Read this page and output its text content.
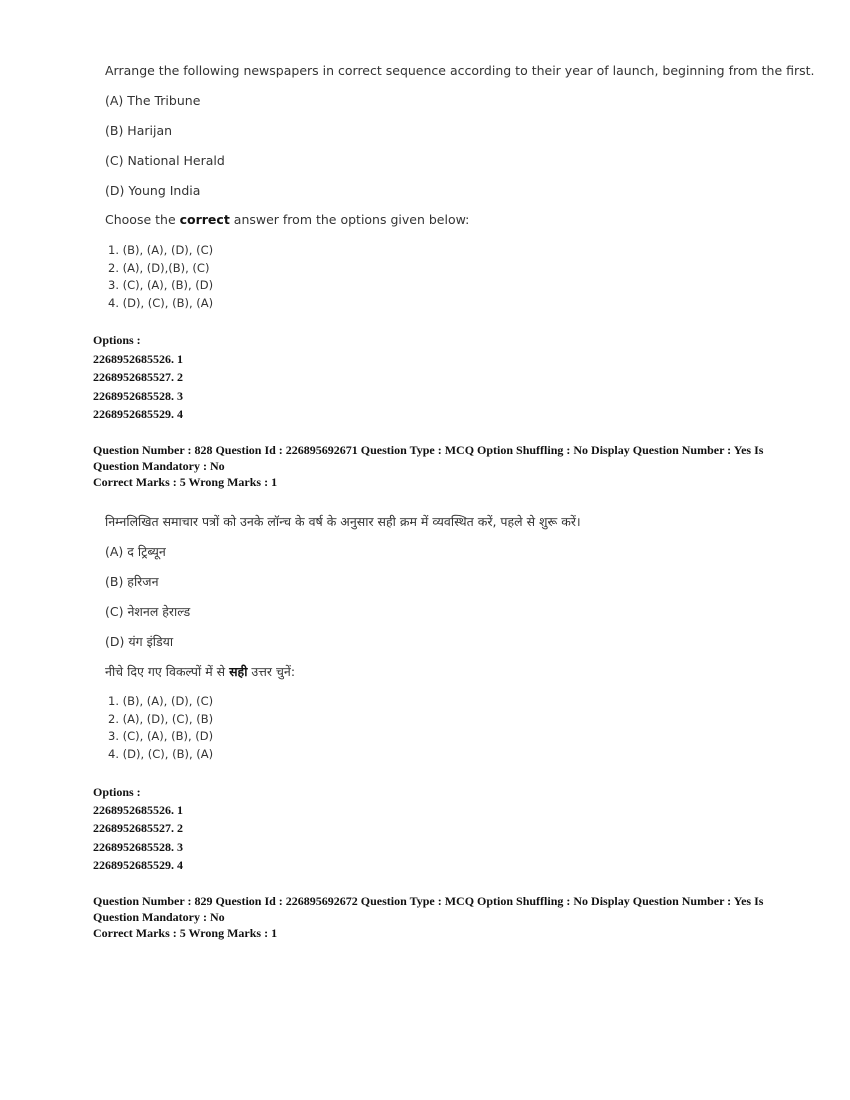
Arrange the following newspapers in correct sequence according to their year of launch, beginning from the first.
(A) The Tribune
(B) Harijan
(C) National Herald
(D) Young India
Choose the correct answer from the options given below:
1. (B), (A), (D), (C)
2. (A), (D),(B), (C)
3. (C), (A), (B), (D)
4. (D), (C), (B), (A)
Options :
2268952685526. 1
2268952685527. 2
2268952685528. 3
2268952685529. 4
Question Number : 828 Question Id : 226895692671 Question Type : MCQ Option Shuffling : No Display Question Number : Yes Is
Question Mandatory : No
Correct Marks : 5 Wrong Marks : 1
निम्नलिखित समाचार पत्रों को उनके लॉन्च के वर्ष के अनुसार सही क्रम में व्यवस्थित करें, पहले से शुरू करें।
(A) द ट्रिब्यून
(B) हरिजन
(C) नेशनल हेराल्ड
(D) यंग इंडिया
नीचे दिए गए विकल्पों में से सही उत्तर चुनें:
1. (B), (A), (D), (C)
2. (A), (D), (C), (B)
3. (C), (A), (B), (D)
4. (D), (C), (B), (A)
Options :
2268952685526. 1
2268952685527. 2
2268952685528. 3
2268952685529. 4
Question Number : 829 Question Id : 226895692672 Question Type : MCQ Option Shuffling : No Display Question Number : Yes Is
Question Mandatory : No
Correct Marks : 5 Wrong Marks : 1
